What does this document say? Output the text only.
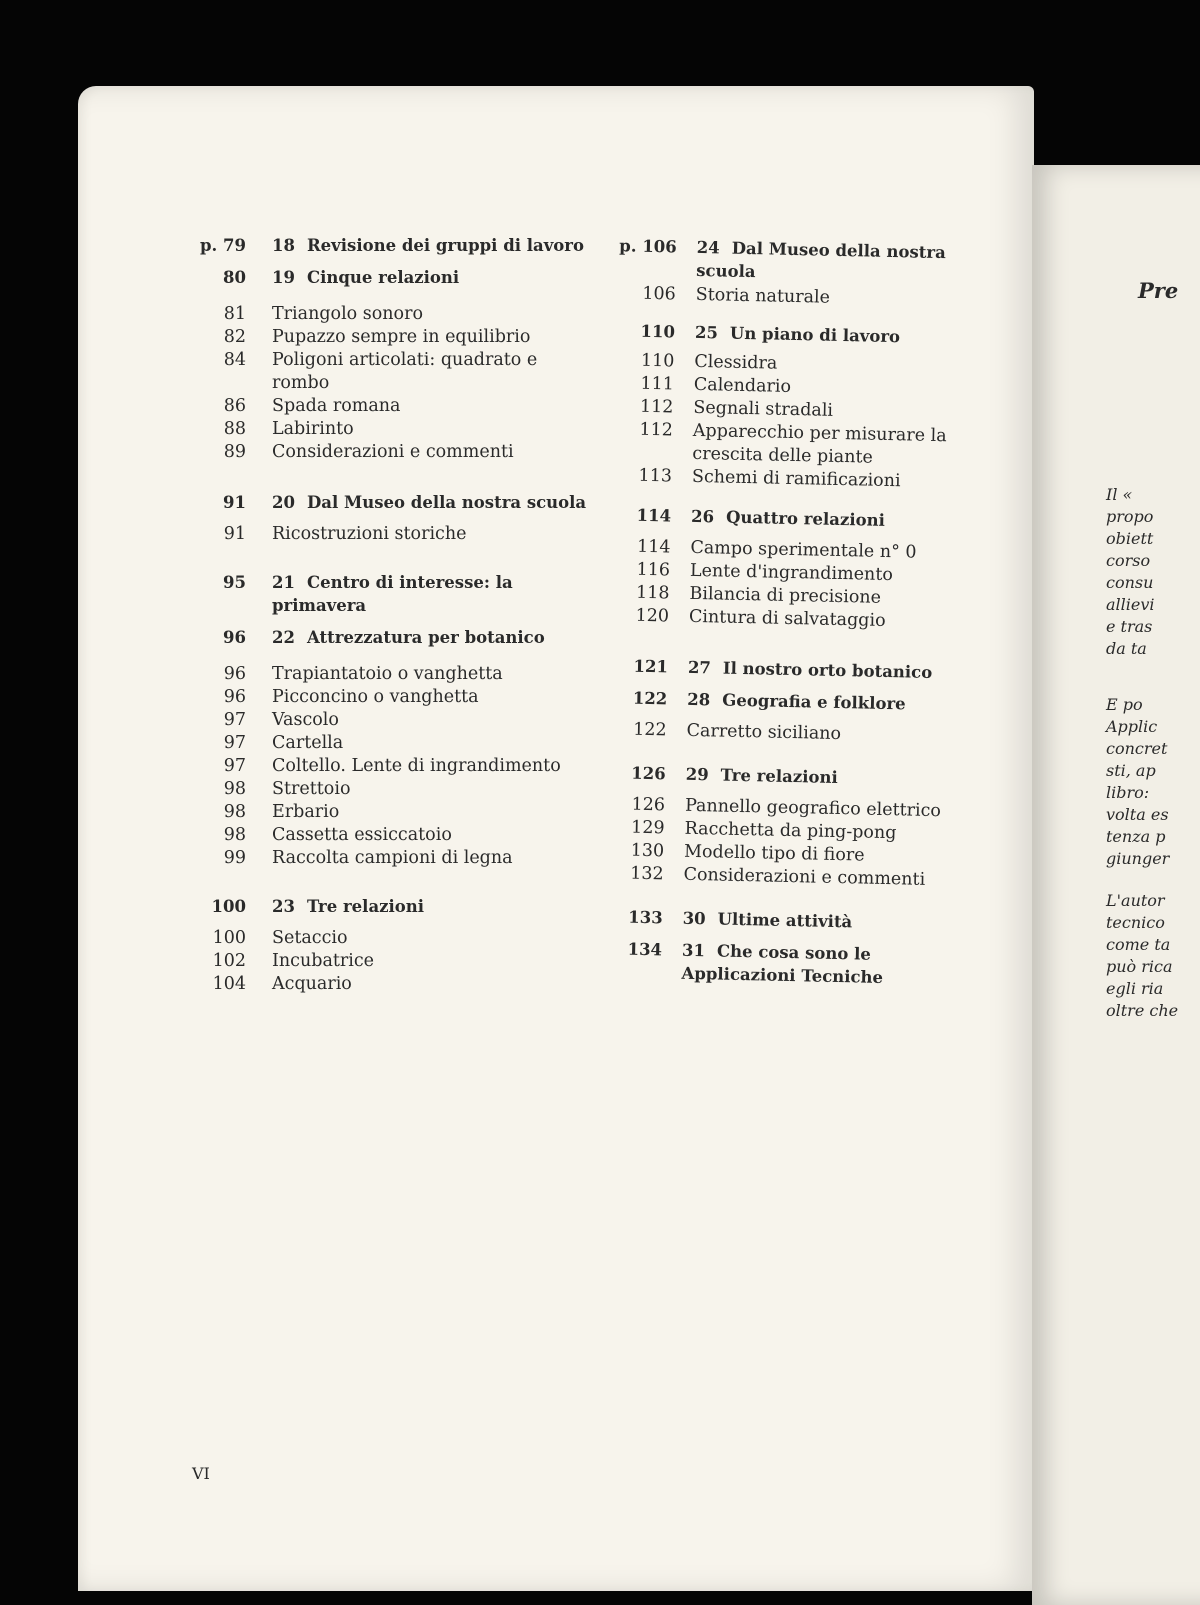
p. 79	18 Revisione dei gruppi di lavoro
80	19 Cinque relazioni
81	Triangolo sonoro
82	Pupazzo sempre in equilibrio
84	Poligoni articolati: quadrato e rombo
86	Spada romana
88	Labirinto
89	Considerazioni e commenti
91	20 Dal Museo della nostra scuola
91	Ricostruzioni storiche
95	21 Centro di interesse: la primavera
96	22 Attrezzatura per botanico
96	Trapiantatoio o vanghetta
96	Picconcino o vanghetta
97	Vascolo
97	Cartella
97	Coltello. Lente di ingrandimento
98	Strettoio
98	Erbario
98	Cassetta essiccatoio
99	Raccolta campioni di legna
100	23 Tre relazioni
100	Setaccio
102	Incubatrice
104	Acquario
p. 106	24 Dal Museo della nostra scuola
106	Storia naturale
110	25 Un piano di lavoro
110	Clessidra
111	Calendario
112	Segnali stradali
112	Apparecchio per misurare la crescita delle piante
113	Schemi di ramificazioni
114	26 Quattro relazioni
114	Campo sperimentale n° 0
116	Lente d'ingrandimento
118	Bilancia di precisione
120	Cintura di salvataggio
121	27 Il nostro orto botanico
122	28 Geografia e folklore
122	Carretto siciliano
126	29 Tre relazioni
126	Pannello geografico elettrico
129	Racchetta da ping-pong
130	Modello tipo di fiore
132	Considerazioni e commenti
133	30 Ultime attività
134	31 Che cosa sono le Applicazioni Tecniche
VI
Pre
Il «
propo
obiett
corso
consu
allievi
e tras
da ta
E po
Applic
concret
sti, ap
libro:
volta es
tenza p
giunger
L'autor
tecnico
come ta
può rica
egli ria
oltre che
